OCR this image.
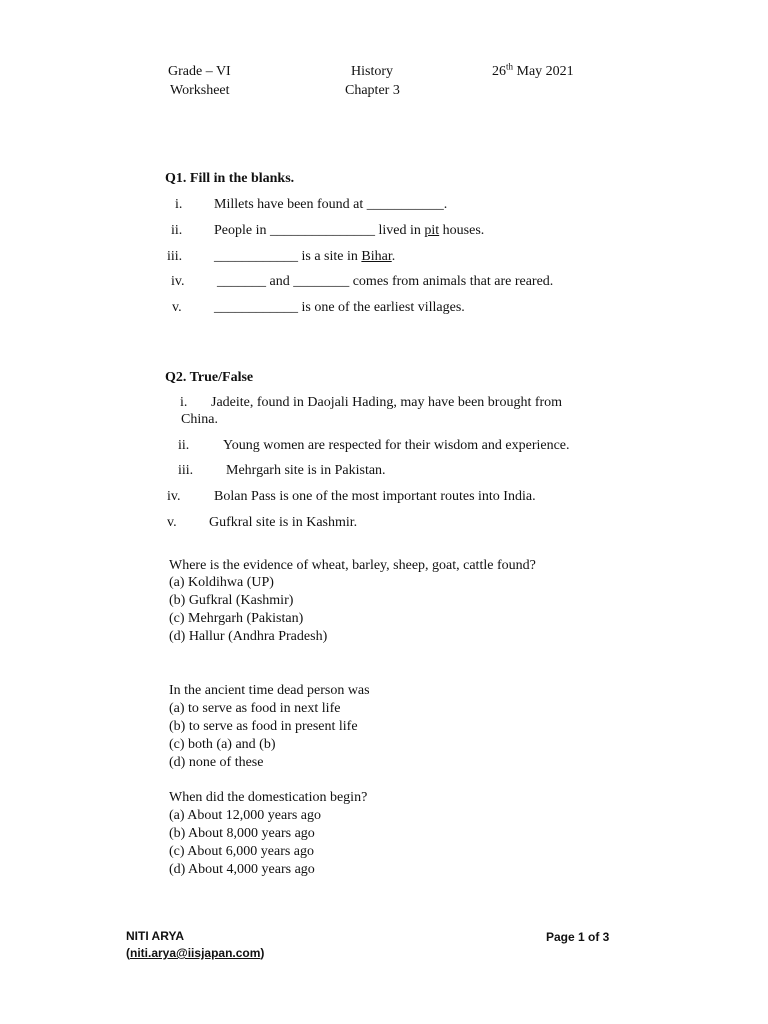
Grade – VI
Worksheet
History
Chapter 3
26th May 2021
Q1. Fill in the blanks.
i. Millets have been found at ___________.
ii. People in _______________ lived in pit houses.
iii. ____________ is a site in Bihar.
iv. _______ and ________ comes from animals that are reared.
v. ____________ is one of the earliest villages.
Q2. True/False
i. Jadeite, found in Daojali Hading, may have been brought from
China.
ii. Young women are respected for their wisdom and experience.
iii. Mehrgarh site is in Pakistan.
iv. Bolan Pass is one of the most important routes into India.
v. Gufkral site is in Kashmir.
Where is the evidence of wheat, barley, sheep, goat, cattle found?
(a) Koldihwa (UP)
(b) Gufkral (Kashmir)
(c) Mehrgarh (Pakistan)
(d) Hallur (Andhra Pradesh)
In the ancient time dead person was
(a) to serve as food in next life
(b) to serve as food in present life
(c) both (a) and (b)
(d) none of these
When did the domestication begin?
(a) About 12,000 years ago
(b) About 8,000 years ago
(c) About 6,000 years ago
(d) About 4,000 years ago
NITI ARYA
(niti.arya@iisjapan.com)
Page 1 of 3
